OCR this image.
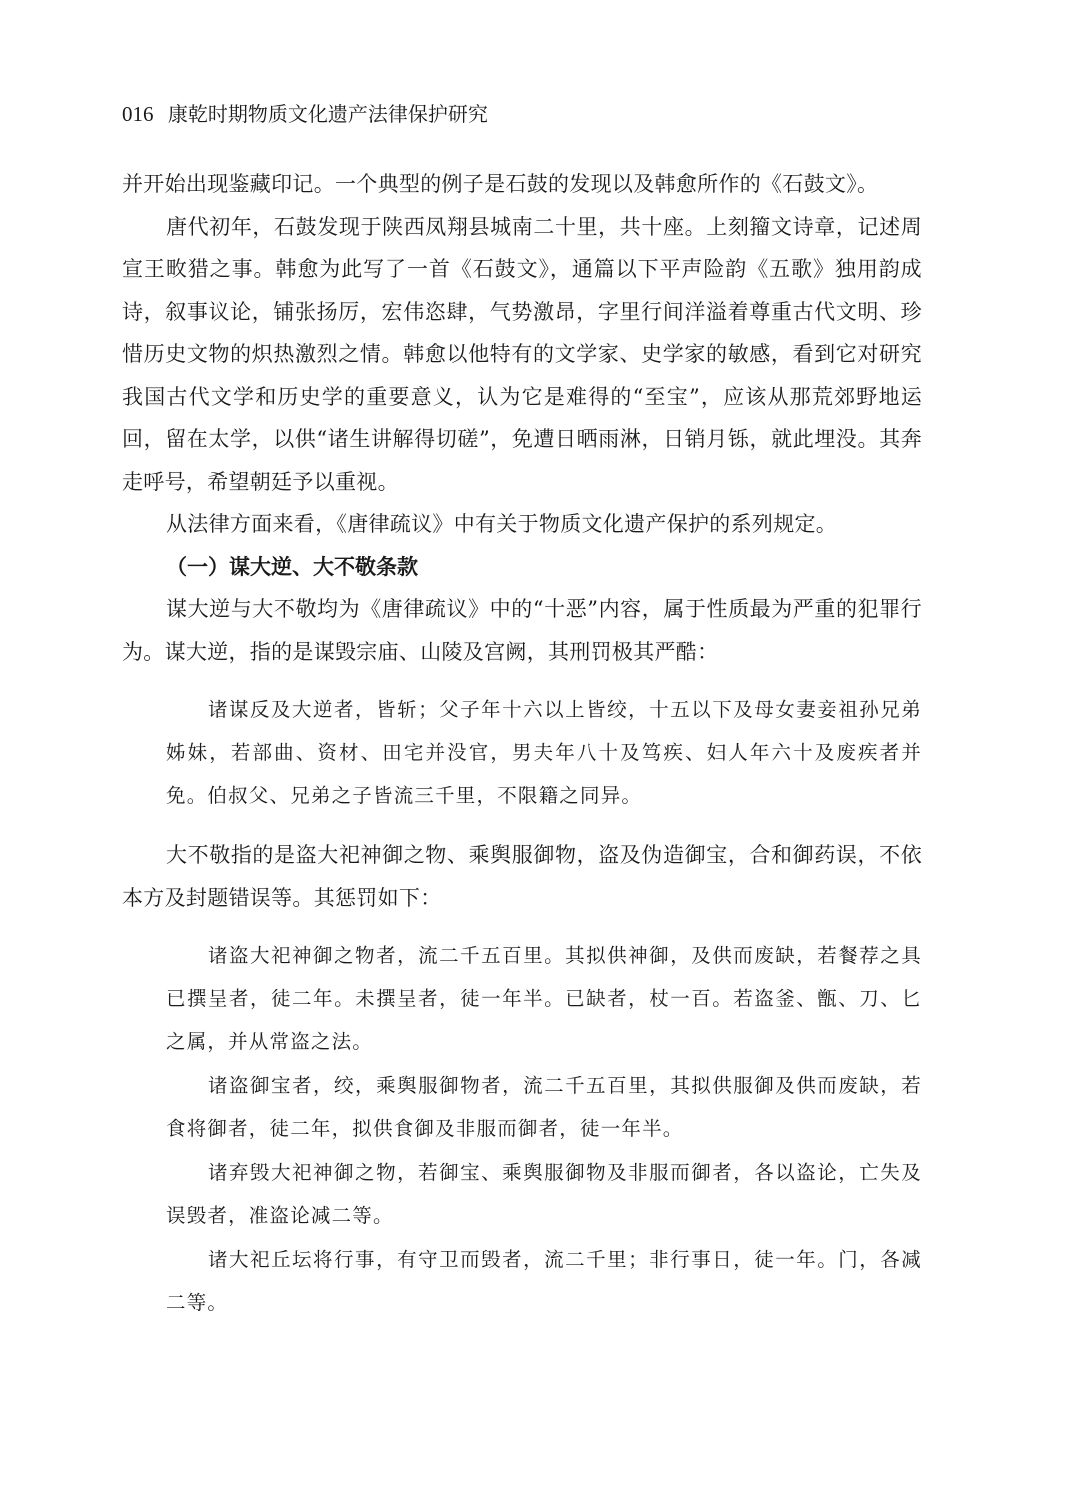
016 康乾时期物质文化遗产法律保护研究

并开始出现鉴藏印记。一个典型的例子是石鼓的发现以及韩愈所作的《石鼓文》。

唐代初年，石鼓发现于陕西凤翔县城南二十里，共十座。上刻籀文诗章，记述周宣王畋猎之事。韩愈为此写了一首《石鼓文》，通篇以下平声险韵《五歌》独用韵成诗，叙事议论，铺张扬厉，宏伟恣肆，气势激昂，字里行间洋溢着尊重古代文明、珍惜历史文物的炽热激烈之情。韩愈以他特有的文学家、史学家的敏感，看到它对研究我国古代文学和历史学的重要意义，认为它是难得的“至宝”，应该从那荒郊野地运回，留在太学，以供“诸生讲解得切磋”，免遭日晒雨淋，日销月铄，就此埋没。其奔走呼号，希望朝廷予以重视。

从法律方面来看，《唐律疏议》中有关于物质文化遗产保护的系列规定。

（一）谋大逆、大不敬条款

谋大逆与大不敬均为《唐律疏议》中的“十恶”内容，属于性质最为严重的犯罪行为。谋大逆，指的是谋毁宗庙、山陵及宫阙，其刑罚极其严酷：

诸谋反及大逆者，皆斩；父子年十六以上皆绞，十五以下及母女妻妾祖孙兄弟姊妹，若部曲、资材、田宅并没官，男夫年八十及笃疾、妇人年六十及废疾者并免。伯叔父、兄弟之子皆流三千里，不限籍之同异。

大不敬指的是盗大祀神御之物、乘舆服御物，盗及伪造御宝，合和御药误，不依本方及封题错误等。其惩罚如下：

诸盗大祀神御之物者，流二千五百里。其拟供神御，及供而废缺，若餐荐之具已撰呈者，徒二年。未撰呈者，徒一年半。已缺者，杖一百。若盗釜、甑、刀、匕之属，并从常盗之法。

诸盗御宝者，绞，乘舆服御物者，流二千五百里，其拟供服御及供而废缺，若食将御者，徒二年，拟供食御及非服而御者，徒一年半。

诸弃毁大祀神御之物，若御宝、乘舆服御物及非服而御者，各以盗论，亡失及误毁者，准盗论减二等。

诸大祀丘坛将行事，有守卫而毁者，流二千里；非行事日，徒一年。门，各减二等。
